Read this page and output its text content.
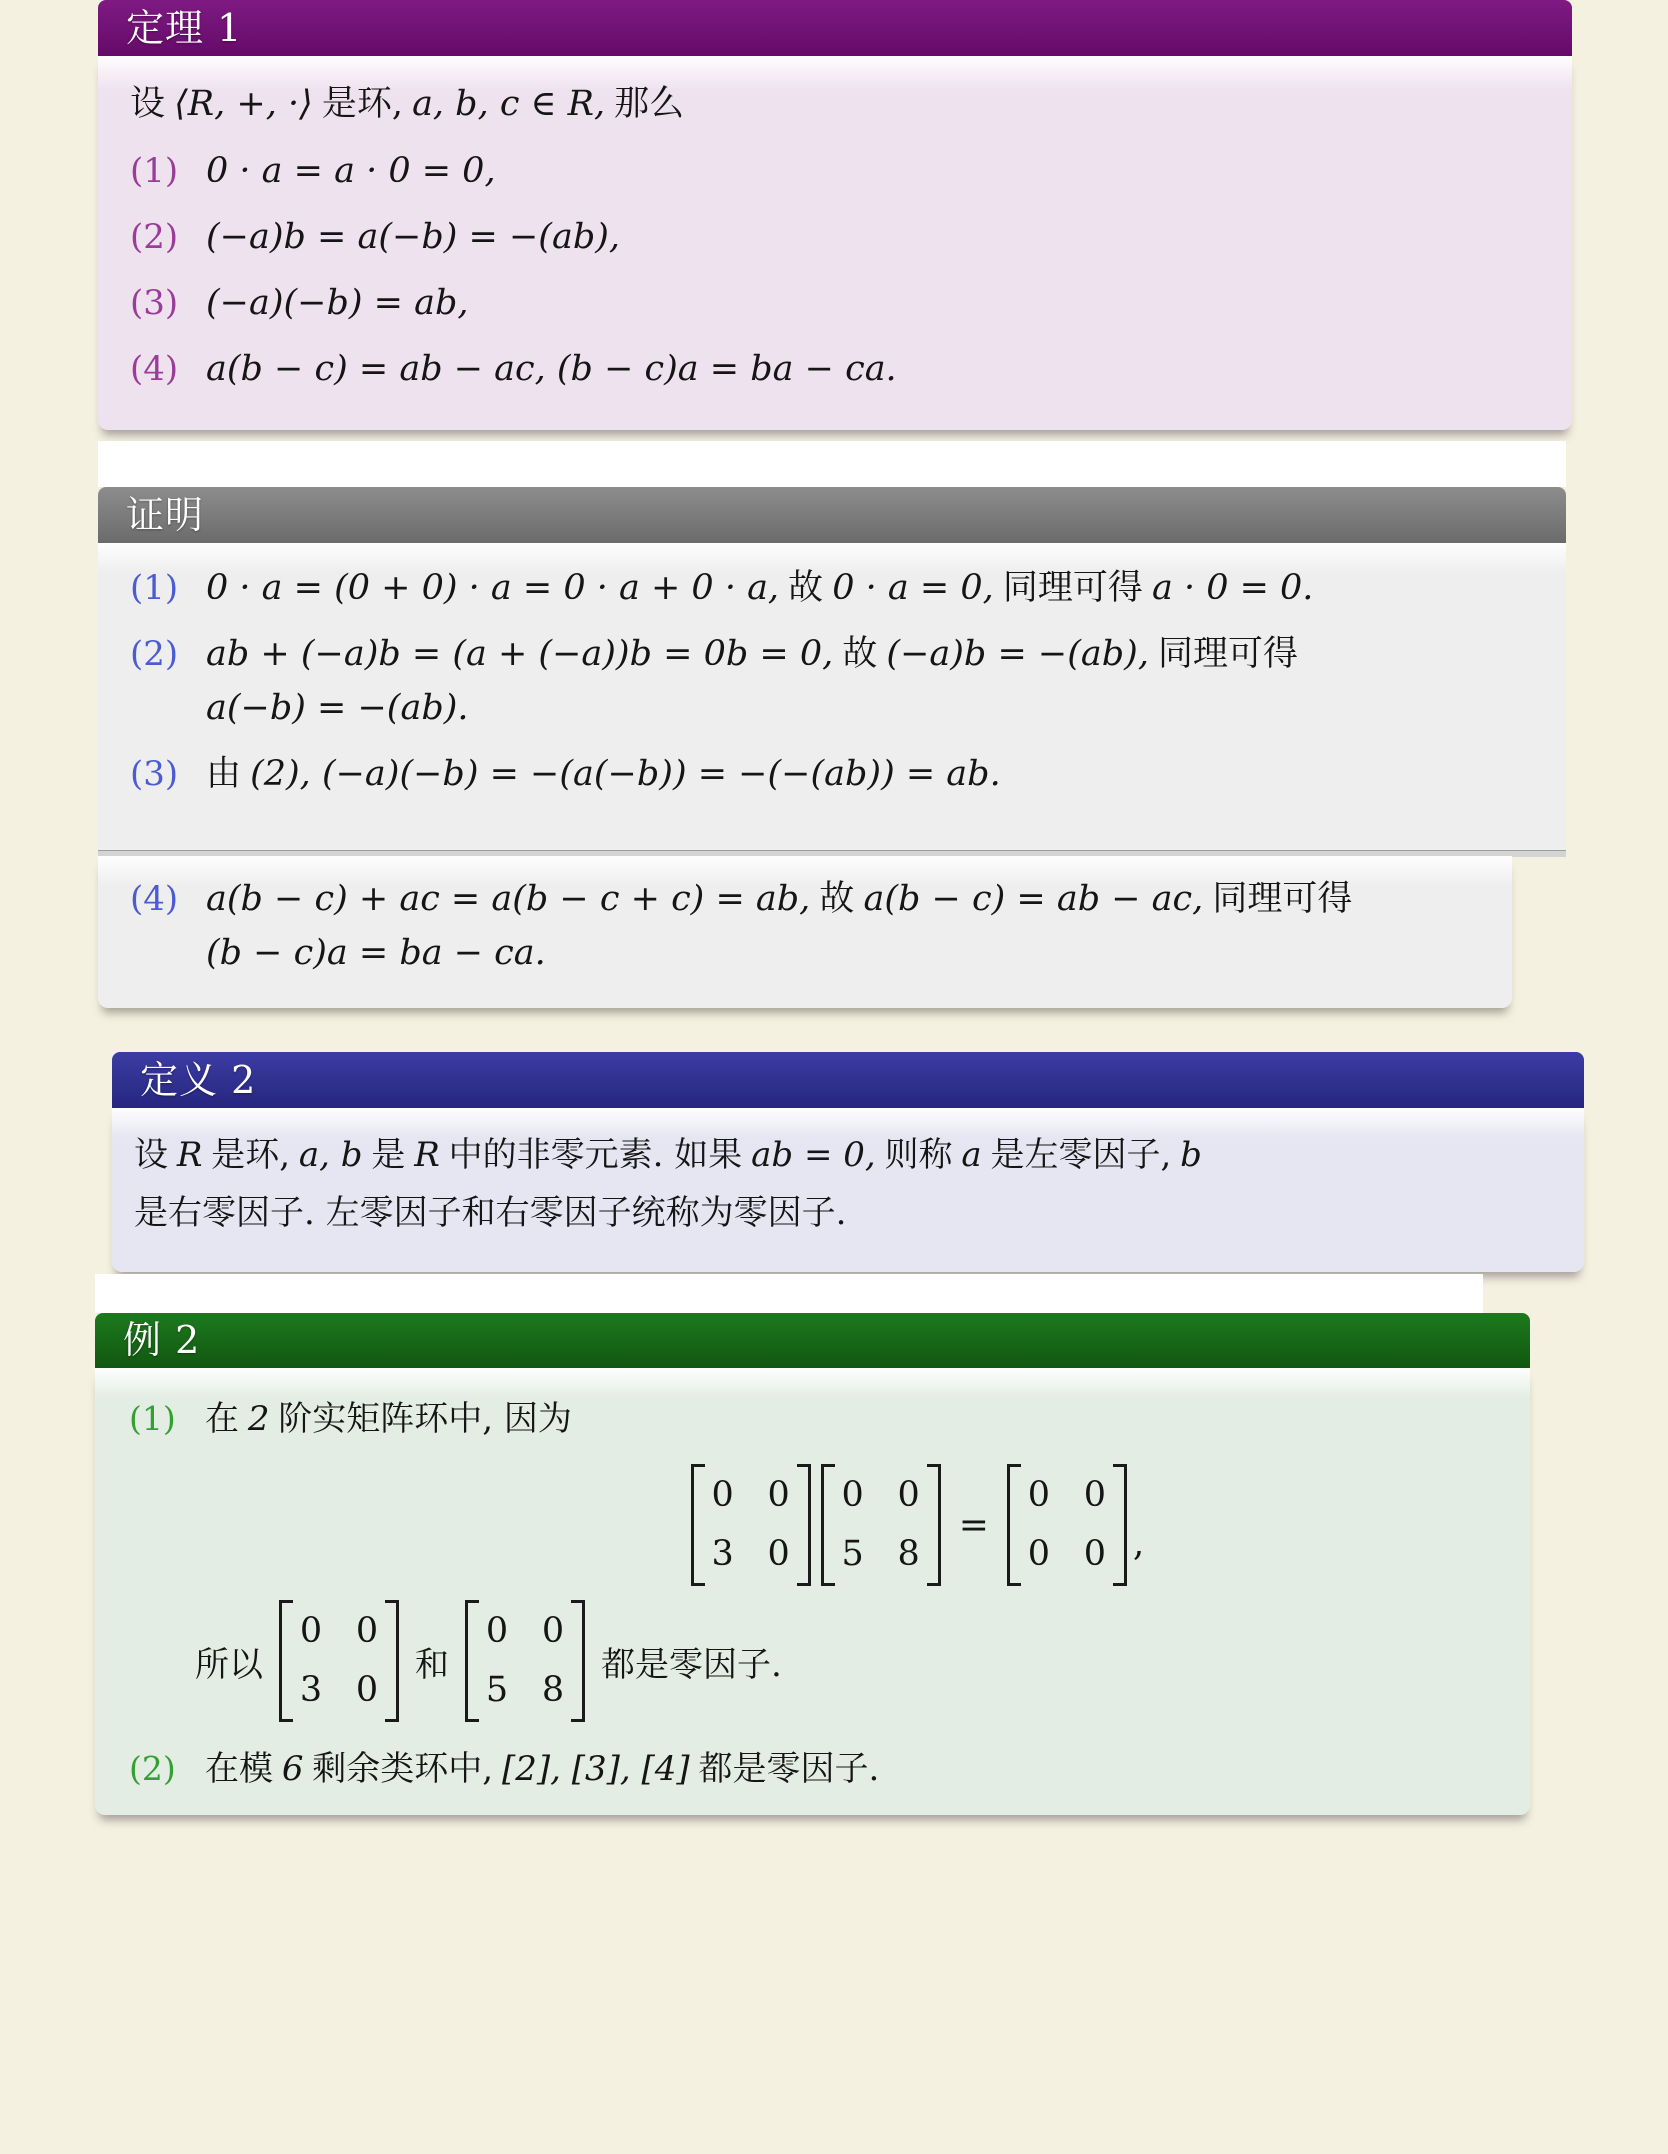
定理 1
设 ⟨R, +, ·⟩ 是环, a, b, c ∈ R, 那么
(1) 0 · a = a · 0 = 0,
(2) (−a)b = a(−b) = −(ab),
(3) (−a)(−b) = ab,
(4) a(b − c) = ab − ac, (b − c)a = ba − ca.
证明
(1) 0 · a = (0 + 0) · a = 0 · a + 0 · a, 故 0 · a = 0, 同理可得 a · 0 = 0.
(2) ab + (−a)b = (a + (−a))b = 0b = 0, 故 (−a)b = −(ab), 同理可得
a(−b) = −(ab).
(3) 由 (2), (−a)(−b) = −(a(−b)) = −(−(ab)) = ab.
(4) a(b − c) + ac = a(b − c + c) = ab, 故 a(b − c) = ab − ac, 同理可得
(b − c)a = ba − ca.
定义 2
设 R 是环, a, b 是 R 中的非零元素. 如果 ab = 0, 则称 a 是左零因子, b
是右零因子. 左零因子和右零因子统称为零因子.
例 2
(1) 在 2 阶实矩阵环中, 因为
0 0
3 0
0 0
5 8
=
0 0
0 0 ,
所以
0 0
3 0
和
0 0
5 8
都是零因子.
(2) 在模 6 剩余类环中, [2], [3], [4] 都是零因子.
